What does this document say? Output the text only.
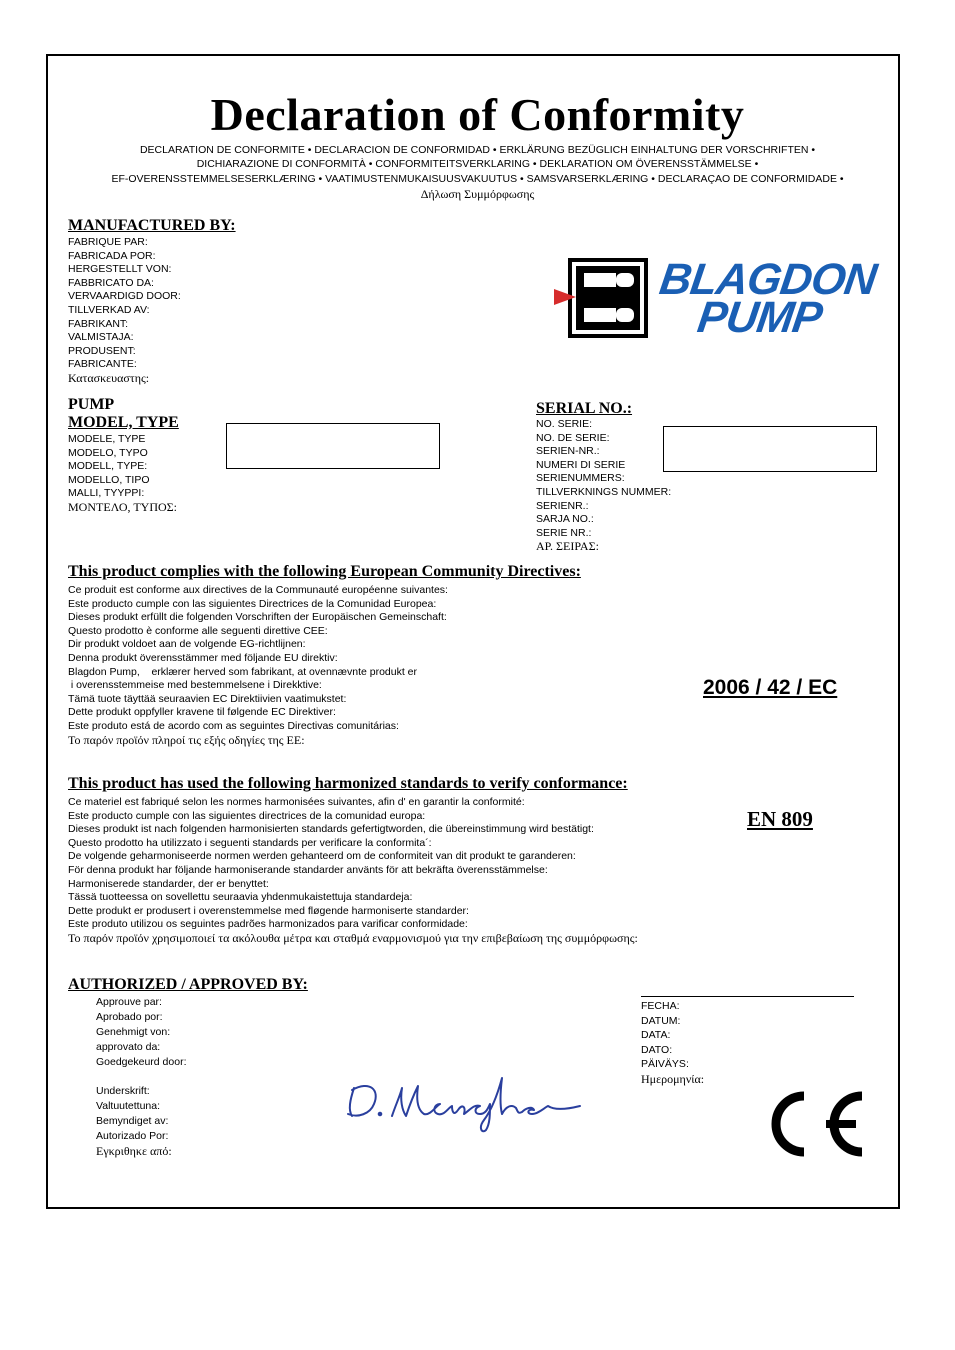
Declaration of Conformity
DECLARATION DE CONFORMITE • DECLARACION DE CONFORMIDAD • ERKLÄRUNG BEZÜGLICH EINHALTUNG DER VORSCHRIFTEN •
DICHIARAZIONE DI CONFORMITÀ • CONFORMITEITSVERKLARING • DEKLARATION OM ÖVERENSSTÄMMELSE •
EF-OVERENSSTEMMELSESERKLÆRING • VAATIMUSTENMUKAISUUSVAKUUTUS • SAMSVARSERKLÆRING • DECLARAÇAO DE CONFORMIDADE •
Δήλωση Συμμόρφωσης
MANUFACTURED BY:
FABRIQUE PAR:
FABRICADA POR:
HERGESTELLT VON:
FABBRICATO DA:
VERVAARDIGD DOOR:
TILLVERKAD AV:
FABRIKANT:
VALMISTAJA:
PRODUSENT:
FABRICANTE:
Κατασκευαστης:
BLAGDON
PUMP
PUMP
MODEL, TYPE
MODELE, TYPE
MODELO, TYPO
MODELL, TYPE:
MODELLO, TIPO
MALLI, TYYPPI:
ΜΟΝΤΕΛΟ, ΤΥΠΟΣ:
SERIAL NO.:
NO. SERIE:
NO. DE SERIE:
SERIEN-NR.:
NUMERI DI SERIE
SERIENUMMERS:
TILLVERKNINGS NUMMER:
SERIENR.:
SARJA NO.:
SERIE NR.:
ΑΡ. ΣΕΙΡΑΣ:
This product complies with the following European Community Directives:
Ce produit est conforme aux directives de la Communauté européenne suivantes:
Este producto cumple con las siguientes Directrices de la Comunidad Europea:
Dieses produkt erfüllt die folgenden Vorschriften der Europäischen Gemeinschaft:
Questo prodotto è conforme alle seguenti direttive CEE:
Dir produkt voldoet aan de volgende EG-richtlijnen:
Denna produkt överensstämmer med följande EU direktiv:
Blagdon Pump,    erklærer herved som fabrikant, at ovennævnte produkt er
i overensstemmeise med bestemmelsene i Direkktive:
Tämä tuote täyttää seuraavien EC Direktiivien vaatimukstet:
Dette produkt oppfyller kravene til følgende EC Direktiver:
Este produto está de acordo com as seguintes Directivas comunitárias:
Το παρόν προϊόν πληροί τις εξής οδηγίες της ΕΕ:
2006 / 42 / EC
This product has used the following harmonized standards to verify conformance:
Ce materiel est fabriqué selon les normes harmonisées suivantes, afin d' en garantir la conformité:
Este producto cumple con las siguientes directrices de la comunidad europa:
Dieses produkt ist nach folgenden harmonisierten standards gefertigtworden, die übereinstimmung wird bestätigt:
Questo prodotto ha utilizzato i seguenti standards per verificare la conformita´:
De volgende geharmoniseerde normen werden gehanteerd om de conformiteit van dit produkt te garanderen:
För denna produkt har följande harmoniserande standarder använts för att bekräfta överensstämmelse:
Harmoniserede standarder, der er benyttet:
Tässä tuotteessa on sovellettu seuraavia yhdenmukaistettuja standardeja:
Dette produkt er produsert i overenstemmelse med fløgende harmoniserte standarder:
Este produto utilizou os seguintes padrões harmonizados para varificar conformidade:
Το παρόν προϊόν χρησιμοποιεί τα ακόλουθα μέτρα και σταθμά εναρμονισμού για την επιβεβαίωση της συμμόρφωσης:
EN 809
AUTHORIZED / APPROVED BY:
Approuve par:
Aprobado por:
Genehmigt von:
approvato da:
Goedgekeurd door:
Underskrift:
Valtuutettuna:
Bemyndiget av:
Autorizado Por:
Εγκριθηκε από:
FECHA:
DATUM:
DATA:
DATO:
PÄIVÄYS:
Ημερομηνία:
